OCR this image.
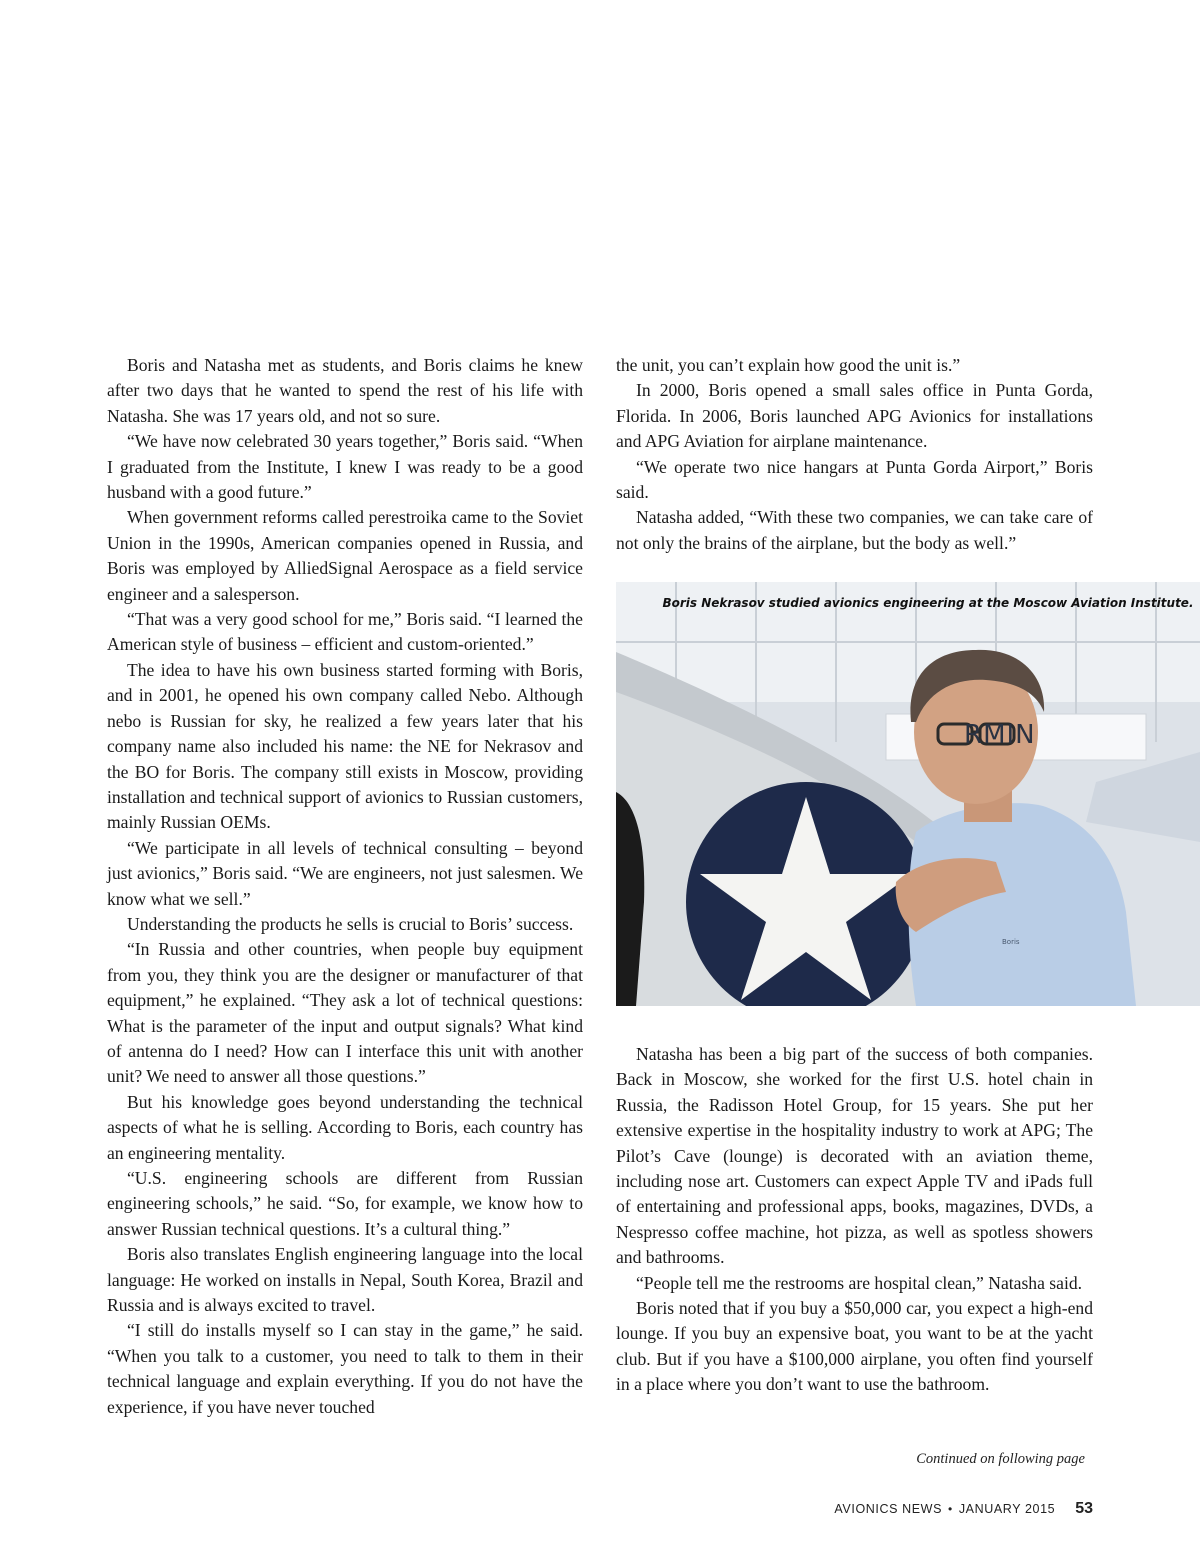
Boris and Natasha met as students, and Boris claims he knew after two days that he wanted to spend the rest of his life with Natasha. She was 17 years old, and not so sure.

“We have now celebrated 30 years together,” Boris said. “When I graduated from the Institute, I knew I was ready to be a good husband with a good future.”

When government reforms called perestroika came to the Soviet Union in the 1990s, American companies opened in Russia, and Boris was employed by AlliedSignal Aerospace as a field service engineer and a salesperson.

“That was a very good school for me,” Boris said. “I learned the American style of business – efficient and custom-oriented.”

The idea to have his own business started forming with Boris, and in 2001, he opened his own company called Nebo. Although nebo is Russian for sky, he realized a few years later that his company name also included his name: the NE for Nekrasov and the BO for Boris. The company still exists in Moscow, providing installation and technical support of avionics to Russian customers, mainly Russian OEMs.

“We participate in all levels of technical consulting – beyond just avionics,” Boris said. “We are engineers, not just salesmen. We know what we sell.”

Understanding the products he sells is crucial to Boris’ success.

“In Russia and other countries, when people buy equipment from you, they think you are the designer or manufacturer of that equipment,” he explained. “They ask a lot of technical questions: What is the parameter of the input and output signals? What kind of antenna do I need? How can I interface this unit with another unit? We need to answer all those questions.”

But his knowledge goes beyond understanding the technical aspects of what he is selling. According to Boris, each country has an engineering mentality.

“U.S. engineering schools are different from Russian engineering schools,” he said. “So, for example, we know how to answer Russian technical questions. It’s a cultural thing.”

Boris also translates English engineering language into the local language: He worked on installs in Nepal, South Korea, Brazil and Russia and is always excited to travel.

“I still do installs myself so I can stay in the game,” he said. “When you talk to a customer, you need to talk to them in their technical language and explain everything. If you do not have the experience, if you have never touched

the unit, you can’t explain how good the unit is.”

In 2000, Boris opened a small sales office in Punta Gorda, Florida. In 2006, Boris launched APG Avionics for installations and APG Aviation for airplane maintenance.

“We operate two nice hangars at Punta Gorda Airport,” Boris said.

Natasha added, “With these two companies, we can take care of not only the brains of the airplane, but the body as well.”

Boris
RMIN
Boris Nekrasov studied avionics engineering at the Moscow Aviation Institute.

Natasha has been a big part of the success of both companies. Back in Moscow, she worked for the first U.S. hotel chain in Russia, the Radisson Hotel Group, for 15 years. She put her extensive expertise in the hospitality industry to work at APG; The Pilot’s Cave (lounge) is decorated with an aviation theme, including nose art. Customers can expect Apple TV and iPads full of entertaining and professional apps, books, magazines, DVDs, a Nespresso coffee machine, hot pizza, as well as spotless showers and bathrooms.

“People tell me the restrooms are hospital clean,” Natasha said.

Boris noted that if you buy a $50,000 car, you expect a high-end lounge. If you buy an expensive boat, you want to be at the yacht club. But if you have a $100,000 airplane, you often find yourself in a place where you don’t want to use the bathroom.

Continued on following page
AVIONICS NEWS • JANUARY 2015 53
